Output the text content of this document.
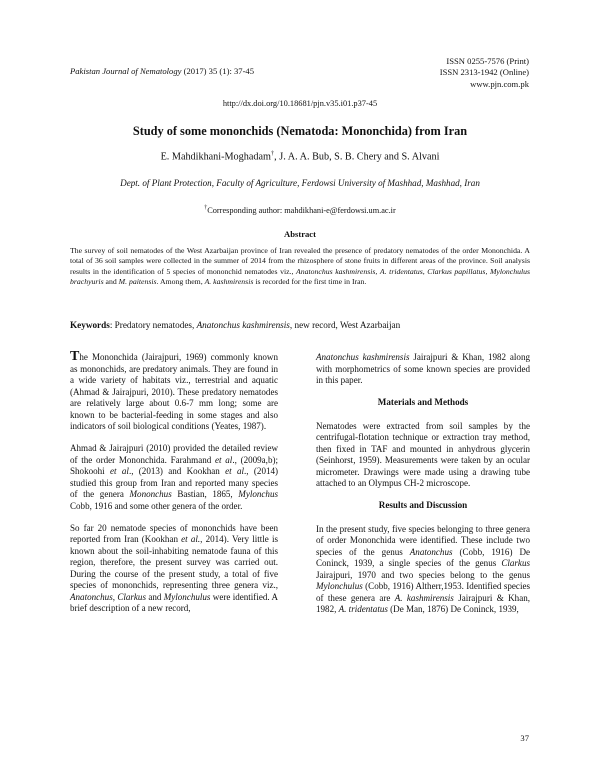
Pakistan Journal of Nematology (2017) 35 (1): 37-45
ISSN 0255-7576 (Print)
ISSN 2313-1942 (Online)
www.pjn.com.pk
http://dx.doi.org/10.18681/pjn.v35.i01.p37-45
Study of some mononchids (Nematoda: Mononchida) from Iran
E. Mahdikhani-Moghadam†, J. A. A. Bub, S. B. Chery and S. Alvani
Dept. of Plant Protection, Faculty of Agriculture, Ferdowsi University of Mashhad, Mashhad, Iran
†Corresponding author: mahdikhani-e@ferdowsi.um.ac.ir
Abstract
The survey of soil nematodes of the West Azarbaijan province of Iran revealed the presence of predatory nematodes of the order Mononchida. A total of 36 soil samples were collected in the summer of 2014 from the rhizosphere of stone fruits in different areas of the province. Soil analysis results in the identification of 5 species of mononchid nematodes viz., Anatonchus kashmirensis, A. tridentatus, Clarkus papillatus, Mylonchulus brachyuris and M. paitensis. Among them, A. kashmirensis is recorded for the first time in Iran.
Keywords: Predatory nematodes, Anatonchus kashmirensis, new record, West Azarbaijan

The Mononchida (Jairajpuri, 1969) commonly known as mononchids, are predatory animals. They are found in a wide variety of habitats viz., terrestrial and aquatic (Ahmad & Jairajpuri, 2010). These predatory nematodes are relatively large about 0.6-7 mm long; some are known to be bacterial-feeding in some stages and also indicators of soil biological conditions (Yeates, 1987).

Ahmad & Jairajpuri (2010) provided the detailed review of the order Mononchida. Farahmand et al., (2009a,b); Shokoohi et al., (2013) and Kookhan et al., (2014) studied this group from Iran and reported many species of the genera Mononchus Bastian, 1865, Mylonchus Cobb, 1916 and some other genera of the order.

So far 20 nematode species of mononchids have been reported from Iran (Kookhan et al., 2014). Very little is known about the soil-inhabiting nematode fauna of this region, therefore, the present survey was carried out. During the course of the present study, a total of five species of mononchids, representing three genera viz., Anatonchus, Clarkus and Mylonchulus were identified. A brief description of a new record,

Anatonchus kashmirensis Jairajpuri & Khan, 1982 along with morphometrics of some known species are provided in this paper.

Materials and Methods

Nematodes were extracted from soil samples by the centrifugal-flotation technique or extraction tray method, then fixed in TAF and mounted in anhydrous glycerin (Seinhorst, 1959). Measurements were taken by an ocular micrometer. Drawings were made using a drawing tube attached to an Olympus CH-2 microscope.

Results and Discussion

In the present study, five species belonging to three genera of order Mononchida were identified. These include two species of the genus Anatonchus (Cobb, 1916) De Coninck, 1939, a single species of the genus Clarkus Jairajpuri, 1970 and two species belong to the genus Mylonchulus (Cobb, 1916) Altherr,1953. Identified species of these genera are A. kashmirensis Jairajpuri & Khan, 1982, A. tridentatus (De Man, 1876) De Coninck, 1939,

37
